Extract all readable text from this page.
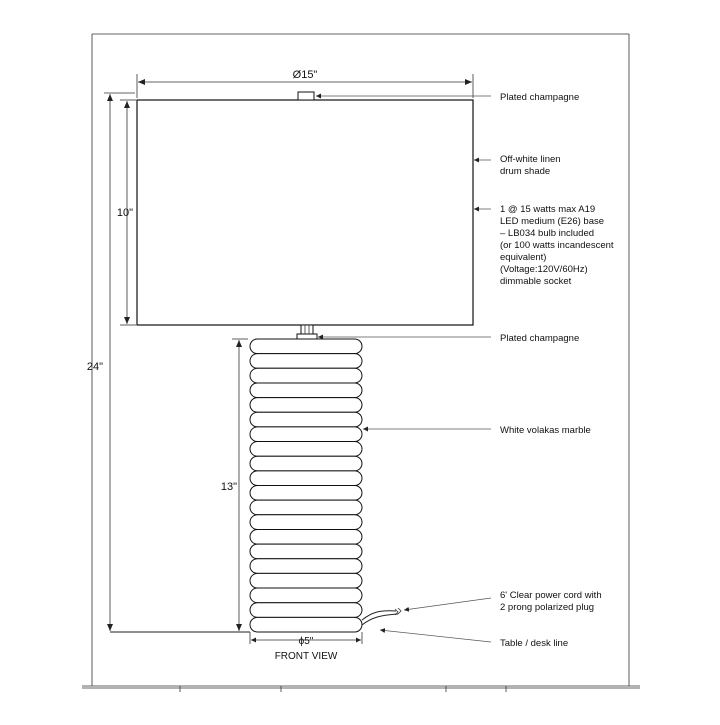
Ø15"
24"
10"
13"
ϕ5"
FRONT VIEW
Plated champagne
Off-white linen
drum shade
1 @ 15 watts max A19
LED medium (E26) base
– LB034 bulb included
(or 100 watts incandescent
equivalent)
(Voltage:120V/60Hz)
dimmable socket
Plated champagne
White volakas marble
6' Clear power cord with
2 prong polarized plug
Table / desk line
